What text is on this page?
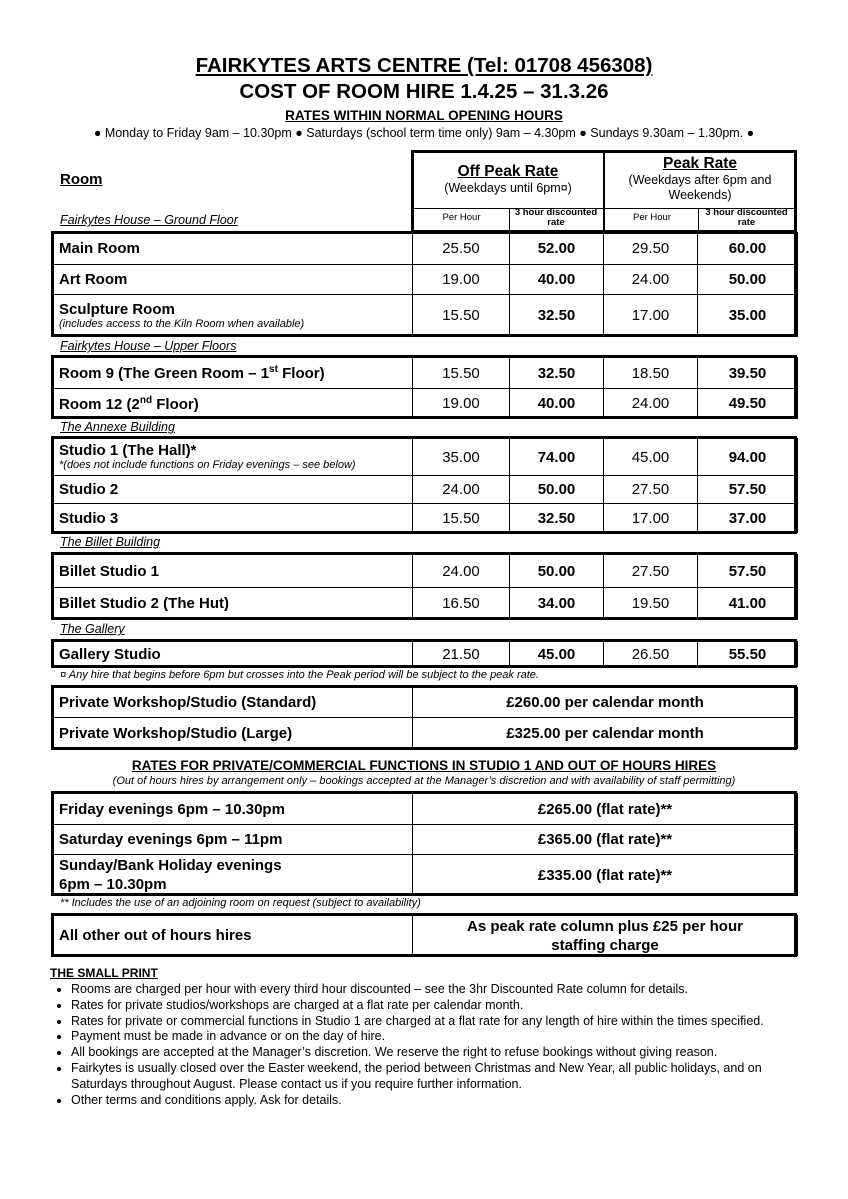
FAIRKYTES ARTS CENTRE (Tel: 01708 456308)
COST OF ROOM HIRE 1.4.25 – 31.3.26
RATES WITHIN NORMAL OPENING HOURS
● Monday to Friday 9am – 10.30pm ● Saturdays (school term time only) 9am – 4.30pm ● Sundays 9.30am – 1.30pm. ●
Room
Fairkytes House – Ground Floor
Off Peak Rate
(Weekdays until 6pm¤)
Peak Rate
(Weekdays after 6pm and Weekends)
Per Hour	3 hour discounted rate	Per Hour	3 hour discounted rate
Main Room	25.50	52.00	29.50	60.00
Art Room	19.00	40.00	24.00	50.00
Sculpture Room
(includes access to the Kiln Room when available)	15.50	32.50	17.00	35.00
Fairkytes House – Upper Floors
Room 9 (The Green Room – 1st Floor)	15.50	32.50	18.50	39.50
Room 12 (2nd Floor)	19.00	40.00	24.00	49.50
The Annexe Building
Studio 1 (The Hall)*
*(does not include functions on Friday evenings – see below)	35.00	74.00	45.00	94.00
Studio 2	24.00	50.00	27.50	57.50
Studio 3	15.50	32.50	17.00	37.00
The Billet Building
Billet Studio 1	24.00	50.00	27.50	57.50
Billet Studio 2 (The Hut)	16.50	34.00	19.50	41.00
The Gallery
Gallery Studio	21.50	45.00	26.50	55.50
¤ Any hire that begins before 6pm but crosses into the Peak period will be subject to the peak rate.
Private Workshop/Studio (Standard)	£260.00 per calendar month
Private Workshop/Studio (Large)	£325.00 per calendar month
RATES FOR PRIVATE/COMMERCIAL FUNCTIONS IN STUDIO 1 AND OUT OF HOURS HIRES
(Out of hours hires by arrangement only – bookings accepted at the Manager’s discretion and with availability of staff permitting)
Friday evenings 6pm – 10.30pm	£265.00 (flat rate)**
Saturday evenings 6pm – 11pm	£365.00 (flat rate)**

Sunday/Bank Holiday evenings
6pm – 10.30pm	£335.00 (flat rate)**
** Includes the use of an adjoining room on request (subject to availability)
All other out of hours hires	
As peak rate column plus £25 per hour
staffing charge
THE SMALL PRINT
• Rooms are charged per hour with every third hour discounted – see the 3hr Discounted Rate column for details.
• Rates for private studios/workshops are charged at a flat rate per calendar month.
• Rates for private or commercial functions in Studio 1 are charged at a flat rate for any length of hire within the times specified.
• Payment must be made in advance or on the day of hire.
• All bookings are accepted at the Manager’s discretion. We reserve the right to refuse bookings without giving reason.
• Fairkytes is usually closed over the Easter weekend, the period between Christmas and New Year, all public holidays, and on Saturdays throughout August. Please contact us if you require further information.
• Other terms and conditions apply. Ask for details.
